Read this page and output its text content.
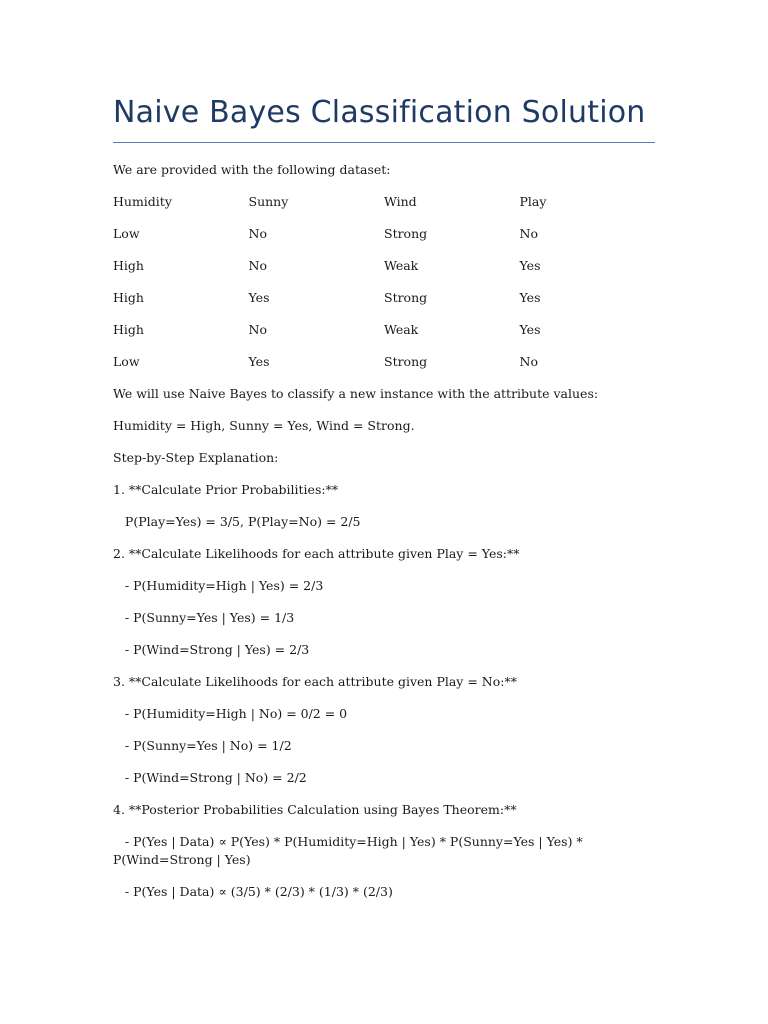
Naive Bayes Classification Solution

We are provided with the following dataset:

Humidity	Sunny	Wind	Play
Low	No	Strong	No
High	No	Weak	Yes
High	Yes	Strong	Yes
High	No	Weak	Yes
Low	Yes	Strong	No

We will use Naive Bayes to classify a new instance with the attribute values:

Humidity = High, Sunny = Yes, Wind = Strong.

Step-by-Step Explanation:

1. **Calculate Prior Probabilities:**

P(Play=Yes) = 3/5, P(Play=No) = 2/5

2. **Calculate Likelihoods for each attribute given Play = Yes:**

- P(Humidity=High | Yes) = 2/3

- P(Sunny=Yes | Yes) = 1/3

- P(Wind=Strong | Yes) = 2/3

3. **Calculate Likelihoods for each attribute given Play = No:**

- P(Humidity=High | No) = 0/2 = 0

- P(Sunny=Yes | No) = 1/2

- P(Wind=Strong | No) = 2/2

4. **Posterior Probabilities Calculation using Bayes Theorem:**

- P(Yes | Data) ∝ P(Yes) * P(Humidity=High | Yes) * P(Sunny=Yes | Yes) * P(Wind=Strong | Yes)

- P(Yes | Data) ∝ (3/5) * (2/3) * (1/3) * (2/3)
